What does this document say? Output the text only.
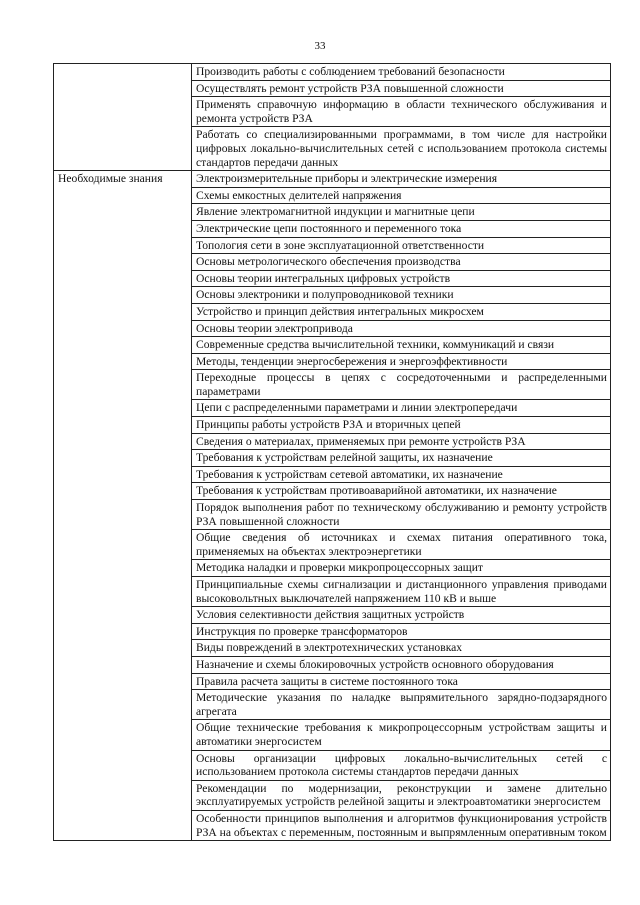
33
	Производить работы с соблюдением требований безопасности
	Осуществлять ремонт устройств РЗА повышенной сложности
	Применять справочную информацию в области технического обслуживания и ремонта устройств РЗА
	Работать со специализированными программами, в том числе для настройки цифровых локально-вычислительных сетей с использованием протокола системы стандартов передачи данных

Необходимые знания	Электроизмерительные приборы и электрические измерения
	Схемы емкостных делителей напряжения
	Явление электромагнитной индукции и магнитные цепи
	Электрические цепи постоянного и переменного тока
	Топология сети в зоне эксплуатационной ответственности
	Основы метрологического обеспечения производства
	Основы теории интегральных цифровых устройств
	Основы электроники и полупроводниковой техники
	Устройство и принцип действия интегральных микросхем
	Основы теории электропривода
	Современные средства вычислительной техники, коммуникаций и связи
	Методы, тенденции энергосбережения и энергоэффективности
	Переходные процессы в цепях с сосредоточенными и распределенными параметрами
	Цепи с распределенными параметрами и линии электропередачи
	Принципы работы устройств РЗА и вторичных цепей
	Сведения о материалах, применяемых при ремонте устройств РЗА
	Требования к устройствам релейной защиты, их назначение
	Требования к устройствам сетевой автоматики, их назначение
	Требования к устройствам противоаварийной автоматики, их назначение
	Порядок выполнения работ по техническому обслуживанию и ремонту устройств РЗА повышенной сложности
	Общие сведения об источниках и схемах питания оперативного тока, применяемых на объектах электроэнергетики
	Методика наладки и проверки микропроцессорных защит
	Принципиальные схемы сигнализации и дистанционного управления приводами высоковольтных выключателей напряжением 110 кВ и выше
	Условия селективности действия защитных устройств
	Инструкция по проверке трансформаторов
	Виды повреждений в электротехнических установках
	Назначение и схемы блокировочных устройств основного оборудования
	Правила расчета защиты в системе постоянного тока
	Методические указания по наладке выпрямительного зарядно-подзарядного агрегата
	Общие технические требования к микропроцессорным устройствам защиты и автоматики энергосистем
	Основы организации цифровых локально-вычислительных сетей с использованием протокола системы стандартов передачи данных
	Рекомендации по модернизации, реконструкции и замене длительно эксплуатируемых устройств релейной защиты и электроавтоматики энергосистем
	Особенности принципов выполнения и алгоритмов функционирования устройств РЗА на объектах с переменным, постоянным и выпрямленным оперативным током
